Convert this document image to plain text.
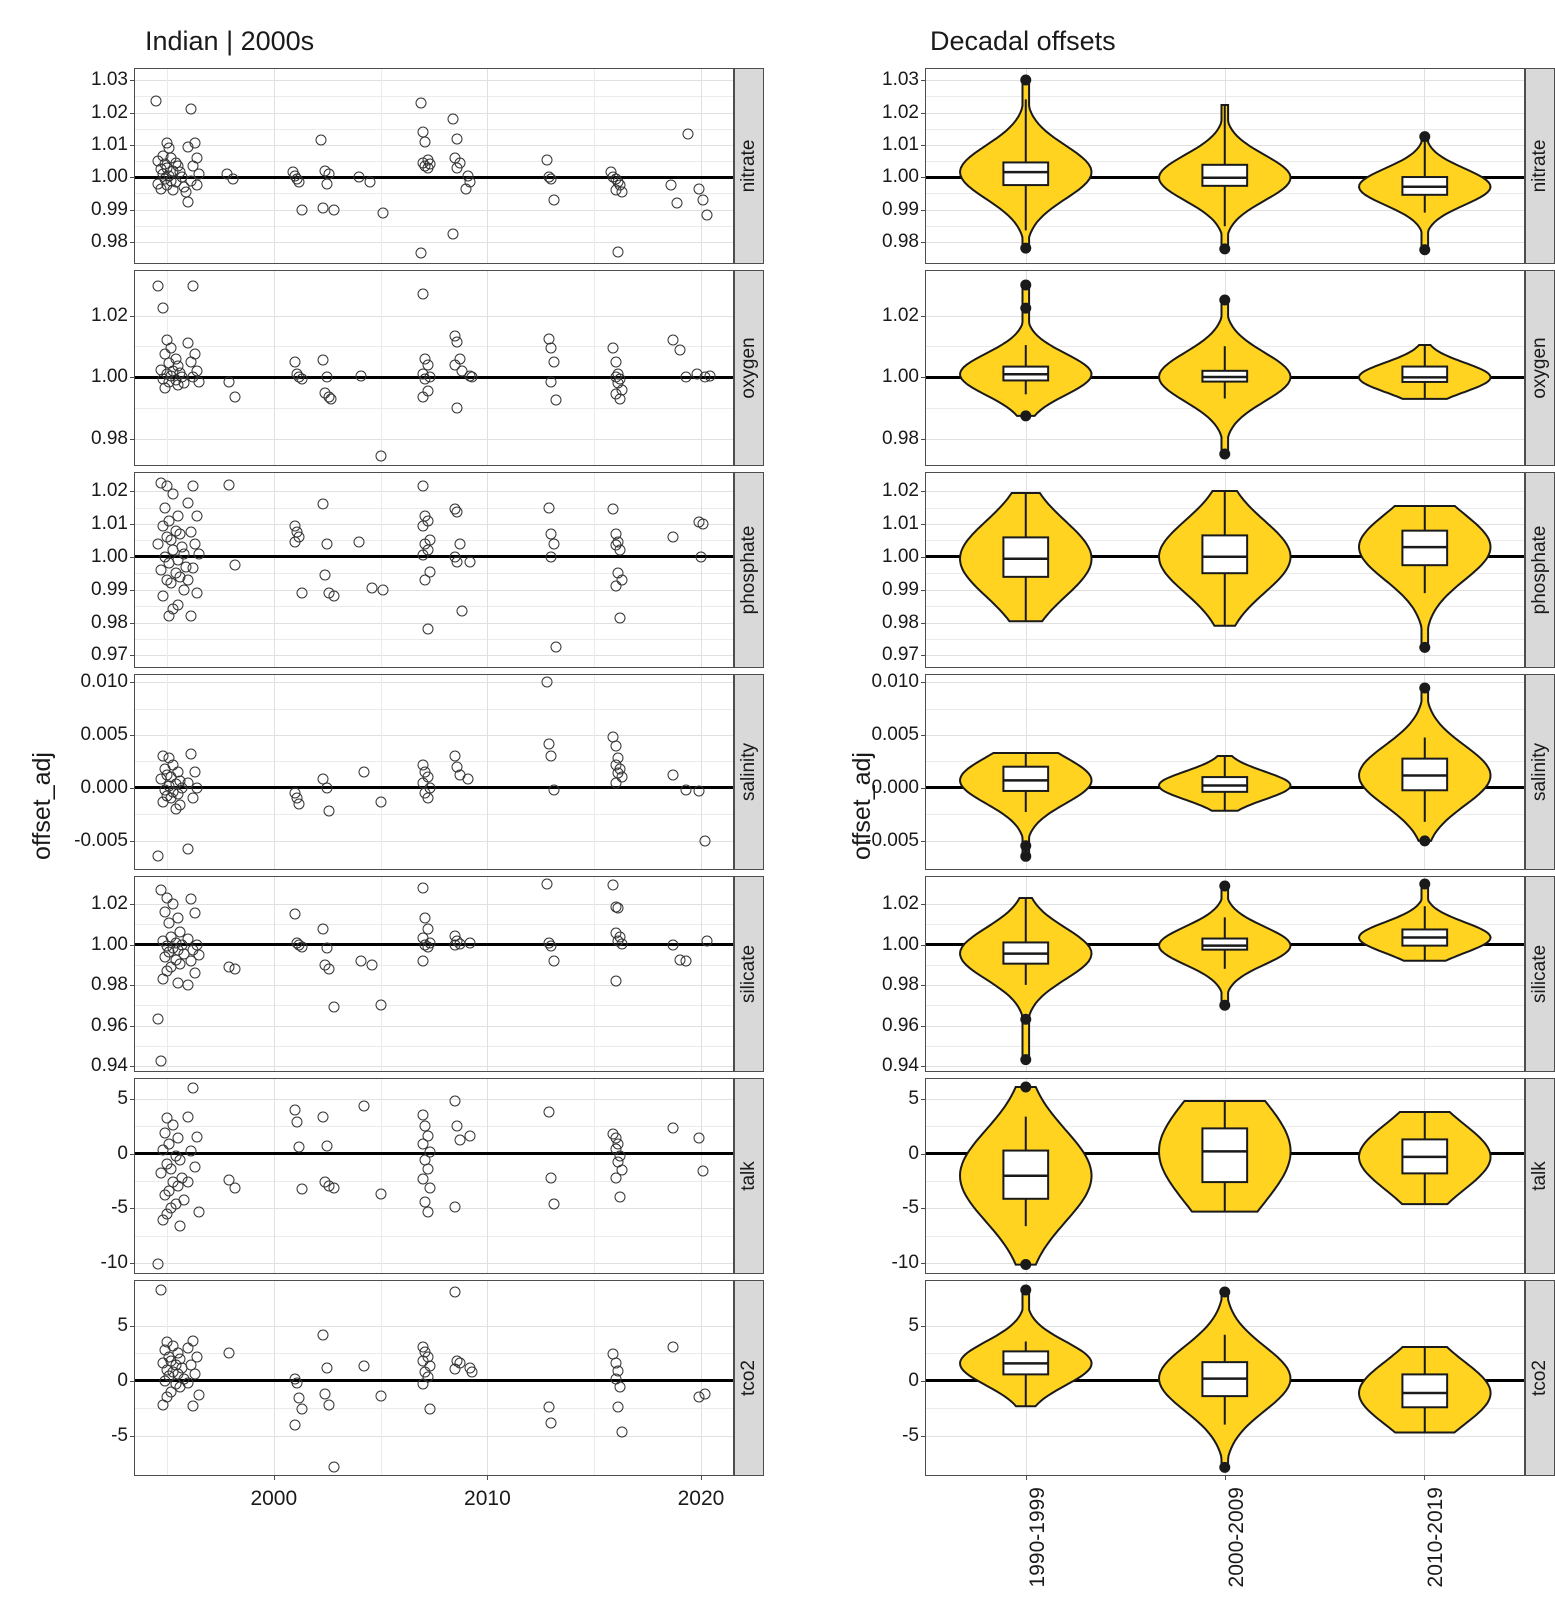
Indian | 2000s	Decadal offsets
offset_adj	offset_adj
1.03
1.02
1.01
1.00
0.99
0.98
nitrate
1.02
1.00
0.98
oxygen
1.02
1.01
1.00
0.99
0.98
0.97
phosphate
0.010
0.005
0.000
-0.005
salinity
1.02
1.00
0.98
0.96
0.94
silicate
5
0
-5
-10
talk
5
0
-5
2000	2010	2020
tco2
1.03
1.02
1.01
1.00
0.99
0.98
nitrate
1.02
1.00
0.98
oxygen
1.02
1.01
1.00
0.99
0.98
0.97
phosphate
0.010
0.005
0.000
-0.005
salinity
1.02
1.00
0.98
0.96
0.94
silicate
5
0
-5
-10
talk
5
0
-5
1990-1999	2000-2009	2010-2019
tco2
